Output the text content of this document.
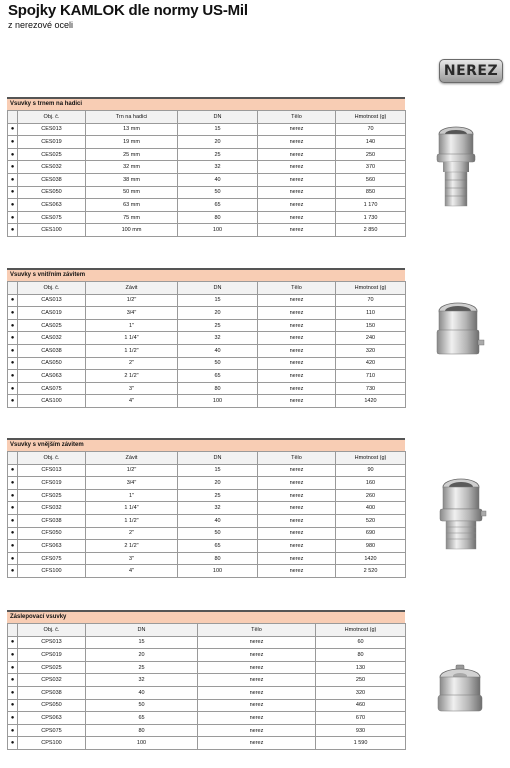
Spojky KAMLOK dle normy US-Mil
z nerezové oceli
NEREZ
Vsuvky s trnem na hadici
	Obj. č.	Trn na hadici	DN	Tělo	Hmotnost (g)
●	CES013	13 mm	15	nerez	70
●	CES019	19 mm	20	nerez	140
●	CES025	25 mm	25	nerez	250
●	CES032	32 mm	32	nerez	370
●	CES038	38 mm	40	nerez	560
●	CES050	50 mm	50	nerez	850
●	CES063	63 mm	65	nerez	1 170
●	CES075	75 mm	80	nerez	1 730
●	CES100	100 mm	100	nerez	2 850
Vsuvky s vnitřním závitem
	Obj. č.	Závit	DN	Tělo	Hmotnost (g)
●	CAS013	1/2"	15	nerez	70
●	CAS019	3/4"	20	nerez	110
●	CAS025	1"	25	nerez	150
●	CAS032	1 1/4"	32	nerez	240
●	CAS038	1 1/2"	40	nerez	320
●	CAS050	2"	50	nerez	420
●	CAS063	2 1/2"	65	nerez	710
●	CAS075	3"	80	nerez	730
●	CAS100	4"	100	nerez	1420
Vsuvky s vnějším závitem
	Obj. č.	Závit	DN	Tělo	Hmotnost (g)
●	CFS013	1/2"	15	nerez	90
●	CFS019	3/4"	20	nerez	160
●	CFS025	1"	25	nerez	260
●	CFS032	1 1/4"	32	nerez	400
●	CFS038	1 1/2"	40	nerez	520
●	CFS050	2"	50	nerez	690
●	CFS063	2 1/2"	65	nerez	980
●	CFS075	3"	80	nerez	1420
●	CFS100	4"	100	nerez	2 520
Záslepovací vsuvky
	Obj. č.	DN	Tělo	Hmotnost (g)
●	CPS013	15	nerez	60
●	CPS019	20	nerez	80
●	CPS025	25	nerez	130
●	CPS032	32	nerez	250
●	CPS038	40	nerez	320
●	CPS050	50	nerez	460
●	CPS063	65	nerez	670
●	CPS075	80	nerez	930
●	CPS100	100	nerez	1 590
